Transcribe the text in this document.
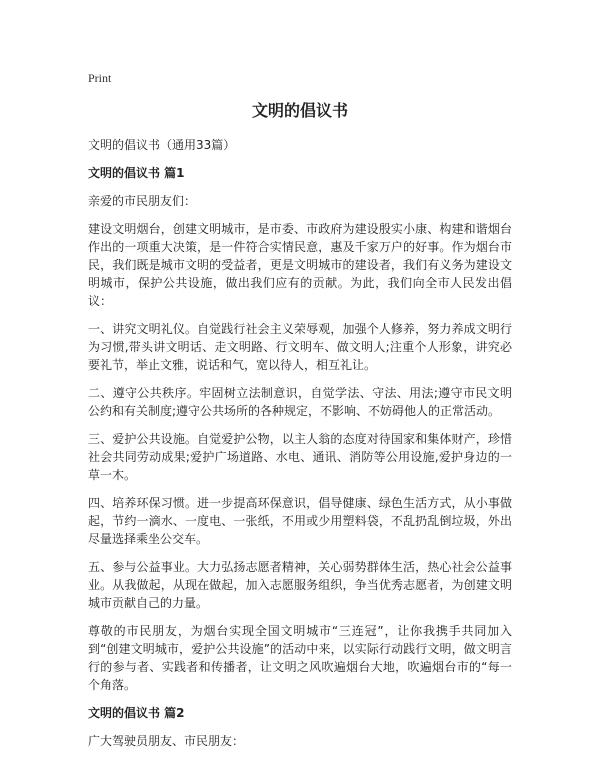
Print
文明的倡议书
文明的倡议书（通用33篇）
文明的倡议书 篇1
亲爱的市民朋友们：
建设文明烟台，创建文明城市，是市委、市政府为建设殷实小康、构建和谐烟台作出的一项重大决策，是一件符合实情民意，惠及千家万户的好事。作为烟台市民，我们既是城市文明的受益者，更是文明城市的建设者，我们有义务为建设文明城市，保护公共设施，做出我们应有的贡献。为此，我们向全市人民发出倡议：
一、讲究文明礼仪。自觉践行社会主义荣辱观，加强个人修养，努力养成文明行为习惯,带头讲文明话、走文明路、行文明车、做文明人;注重个人形象，讲究必要礼节，举止文雅，说话和气，宽以待人，相互礼让。
二、遵守公共秩序。牢固树立法制意识，自觉学法、守法、用法;遵守市民文明公约和有关制度;遵守公共场所的各种规定，不影响、不妨碍他人的正常活动。
三、爱护公共设施。自觉爱护公物，以主人翁的态度对待国家和集体财产，珍惜社会共同劳动成果;爱护广场道路、水电、通讯、消防等公用设施,爱护身边的一草一木。
四、培养环保习惯。进一步提高环保意识，倡导健康、绿色生活方式，从小事做起，节约一滴水、一度电、一张纸，不用或少用塑料袋，不乱扔乱倒垃圾，外出尽量选择乘坐公交车。
五、参与公益事业。大力弘扬志愿者精神，关心弱势群体生活，热心社会公益事业。从我做起，从现在做起，加入志愿服务组织，争当优秀志愿者，为创建文明城市贡献自己的力量。
尊敬的市民朋友，为烟台实现全国文明城市“三连冠”，让你我携手共同加入到“创建文明城市，爱护公共设施”的活动中来，以实际行动践行文明，做文明言行的参与者、实践者和传播者，让文明之风吹遍烟台大地，吹遍烟台市的“每一个角落。
文明的倡议书 篇2
广大驾驶员朋友、市民朋友：
